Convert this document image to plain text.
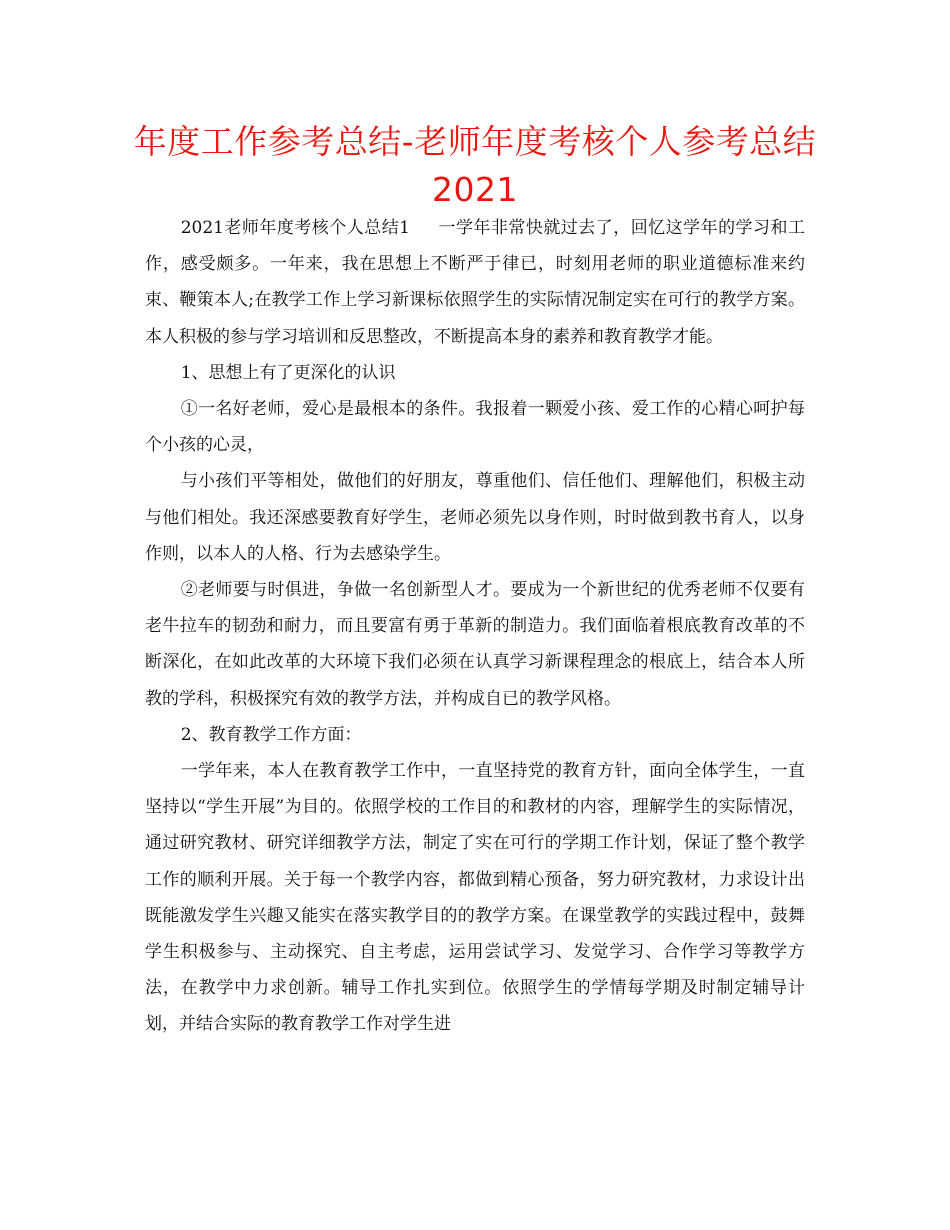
年度工作参考总结-老师年度考核个人参考总结2021

2021老师年度考核个人总结1 一学年非常快就过去了，回忆这学年的学习和工作，感受颇多。一年来，我在思想上不断严于律已，时刻用老师的职业道德标准来约束、鞭策本人;在教学工作上学习新课标依照学生的实际情况制定实在可行的教学方案。本人积极的参与学习培训和反思整改，不断提高本身的素养和教育教学才能。

1、思想上有了更深化的认识

①一名好老师，爱心是最根本的条件。我报着一颗爱小孩、爱工作的心精心呵护每个小孩的心灵，

与小孩们平等相处，做他们的好朋友，尊重他们、信任他们、理解他们，积极主动与他们相处。我还深感要教育好学生，老师必须先以身作则，时时做到教书育人，以身作则，以本人的人格、行为去感染学生。

②老师要与时俱进，争做一名创新型人才。要成为一个新世纪的优秀老师不仅要有老牛拉车的韧劲和耐力，而且要富有勇于革新的制造力。我们面临着根底教育改革的不断深化，在如此改革的大环境下我们必须在认真学习新课程理念的根底上，结合本人所教的学科，积极探究有效的教学方法，并构成自已的教学风格。

2、教育教学工作方面：

一学年来，本人在教育教学工作中，一直坚持党的教育方针，面向全体学生，一直坚持以“学生开展”为目的。依照学校的工作目的和教材的内容，理解学生的实际情况，通过研究教材、研究详细教学方法，制定了实在可行的学期工作计划，保证了整个教学工作的顺利开展。关于每一个教学内容，都做到精心预备，努力研究教材，力求设计出既能激发学生兴趣又能实在落实教学目的的教学方案。在课堂教学的实践过程中，鼓舞学生积极参与、主动探究、自主考虑，运用尝试学习、发觉学习、合作学习等教学方法，在教学中力求创新。辅导工作扎实到位。依照学生的学情每学期及时制定辅导计划，并结合实际的教育教学工作对学生进
